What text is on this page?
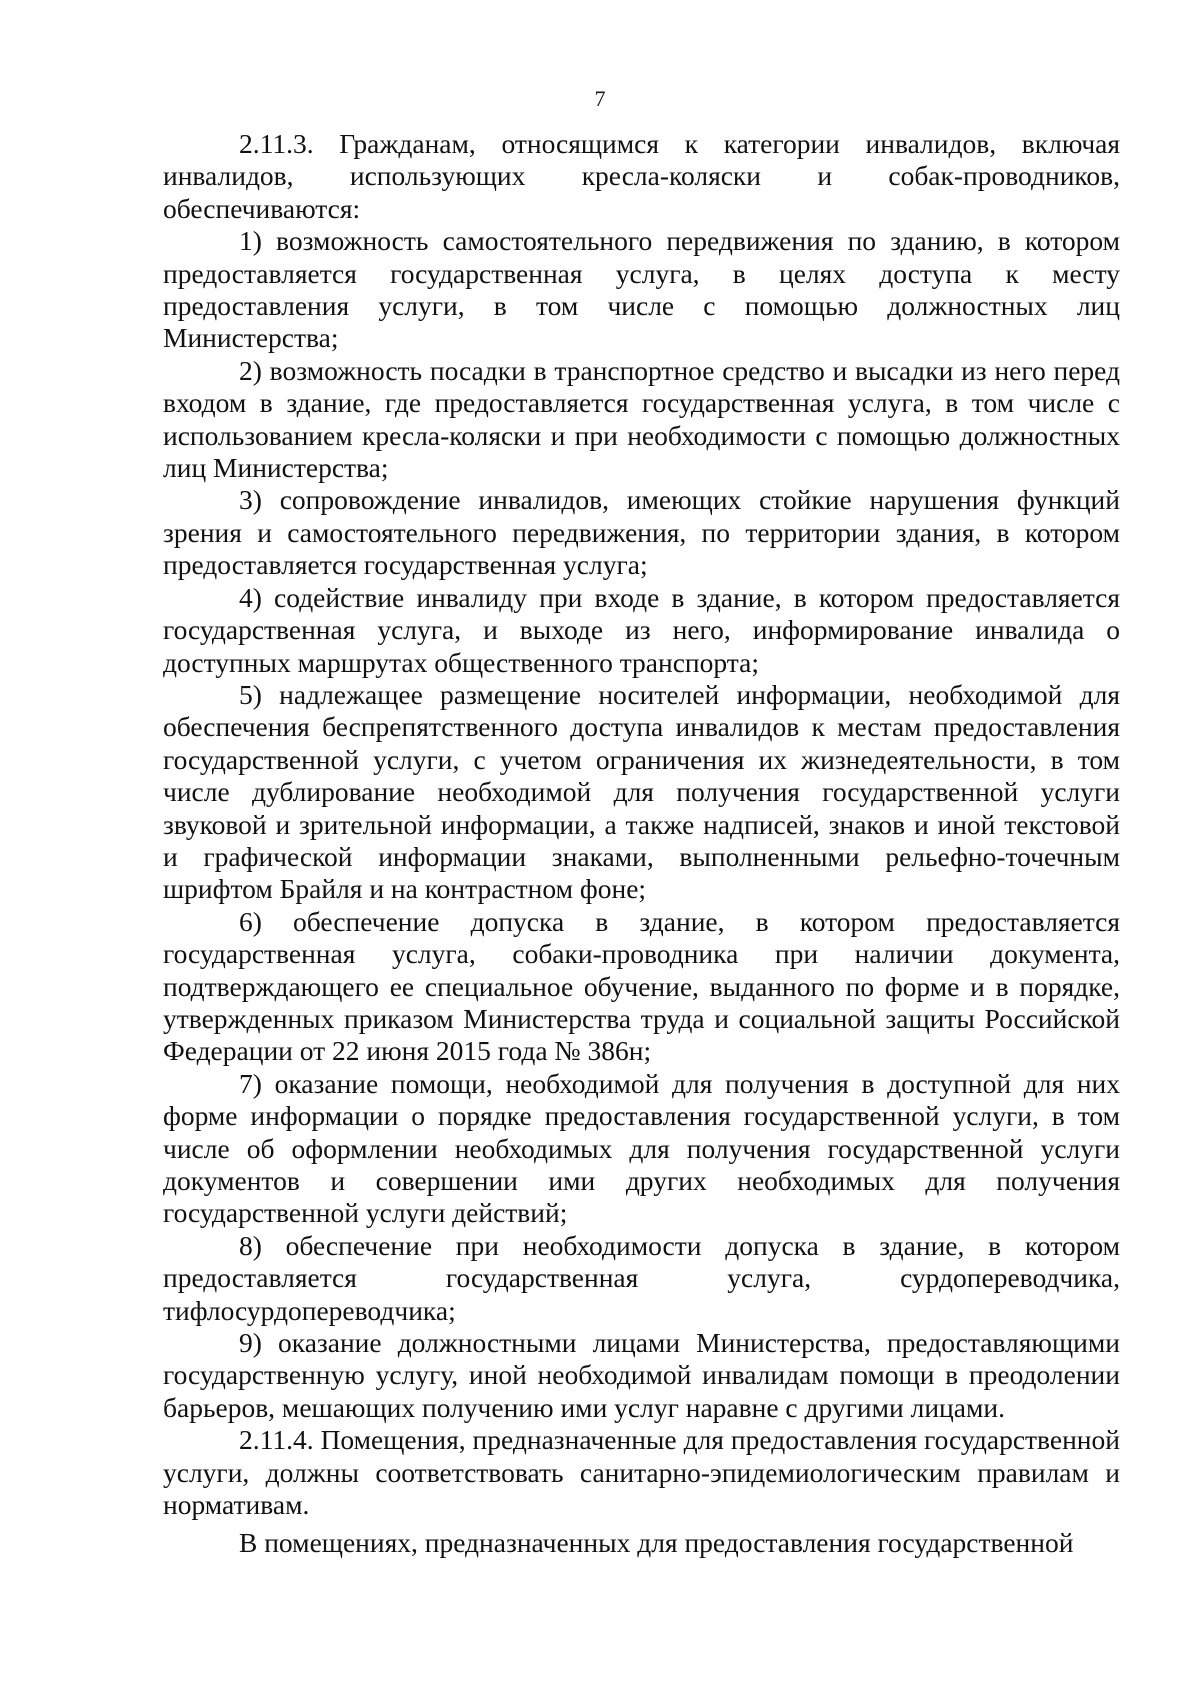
7

2.11.3. Гражданам, относящимся к категории инвалидов, включая инвалидов, использующих кресла-коляски и собак-проводников, обеспечиваются:

1) возможность самостоятельного передвижения по зданию, в котором предоставляется государственная услуга, в целях доступа к месту предоставления услуги, в том числе с помощью должностных лиц Министерства;

2) возможность посадки в транспортное средство и высадки из него перед входом в здание, где предоставляется государственная услуга, в том числе с использованием кресла-коляски и при необходимости с помощью должностных лиц Министерства;

3) сопровождение инвалидов, имеющих стойкие нарушения функций зрения и самостоятельного передвижения, по территории здания, в котором предоставляется государственная услуга;

4) содействие инвалиду при входе в здание, в котором предоставляется государственная услуга, и выходе из него, информирование инвалида о доступных маршрутах общественного транспорта;

5) надлежащее размещение носителей информации, необходимой для обеспечения беспрепятственного доступа инвалидов к местам предоставления государственной услуги, с учетом ограничения их жизнедеятельности, в том числе дублирование необходимой для получения государственной услуги звуковой и зрительной информации, а также надписей, знаков и иной текстовой и графической информации знаками, выполненными рельефно-точечным шрифтом Брайля и на контрастном фоне;

6) обеспечение допуска в здание, в котором предоставляется государственная услуга, собаки-проводника при наличии документа, подтверждающего ее специальное обучение, выданного по форме и в порядке, утвержденных приказом Министерства труда и социальной защиты Российской Федерации от 22 июня 2015 года № 386н;

7) оказание помощи, необходимой для получения в доступной для них форме информации о порядке предоставления государственной услуги, в том числе об оформлении необходимых для получения государственной услуги документов и совершении ими других необходимых для получения государственной услуги действий;

8) обеспечение при необходимости допуска в здание, в котором предоставляется государственная услуга, сурдопереводчика, тифлосурдопереводчика;

9) оказание должностными лицами Министерства, предоставляющими государственную услугу, иной необходимой инвалидам помощи в преодолении барьеров, мешающих получению ими услуг наравне с другими лицами.

2.11.4. Помещения, предназначенные для предоставления государственной услуги, должны соответствовать санитарно-эпидемиологическим правилам и нормативам.

В помещениях, предназначенных для предоставления государственной
